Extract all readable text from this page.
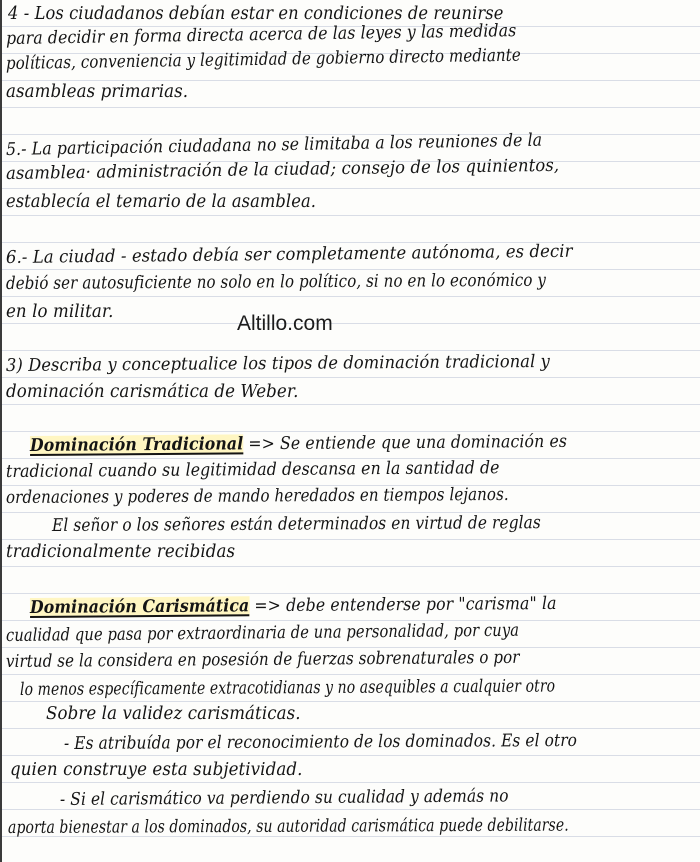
4 - Los ciudadanos debían estar en condiciones de reunirse
para decidir en forma directa acerca de las leyes y las medidas
políticas, conveniencia y legitimidad de gobierno directo mediante
asambleas primarias.
5.- La participación ciudadana no se limitaba a los reuniones de la
asamblea· administración de la ciudad; consejo de los quinientos,
establecía el temario de la asamblea.
6.- La ciudad - estado debía ser completamente autónoma, es decir
debió ser autosuficiente no solo en lo político, si no en lo económico y
en lo militar.	Altillo.com
3) Describa y conceptualice los tipos de dominación tradicional y
dominación carismática de Weber.
Dominación Tradicional => Se entiende que una dominación es
tradicional cuando su legitimidad descansa en la santidad de
ordenaciones y poderes de mando heredados en tiempos lejanos.
El señor o los señores están determinados en virtud de reglas
tradicionalmente recibidas
Dominación Carismática => debe entenderse por "carisma" la
cualidad que pasa por extraordinaria de una personalidad, por cuya
virtud se la considera en posesión de fuerzas sobrenaturales o por
lo menos específicamente extracotidianas y no asequibles a cualquier otro
Sobre la validez carismáticas.
- Es atribuída por el reconocimiento de los dominados. Es el otro
quien construye esta subjetividad.
- Si el carismático va perdiendo su cualidad y además no
aporta bienestar a los dominados, su autoridad carismática puede debilitarse.
